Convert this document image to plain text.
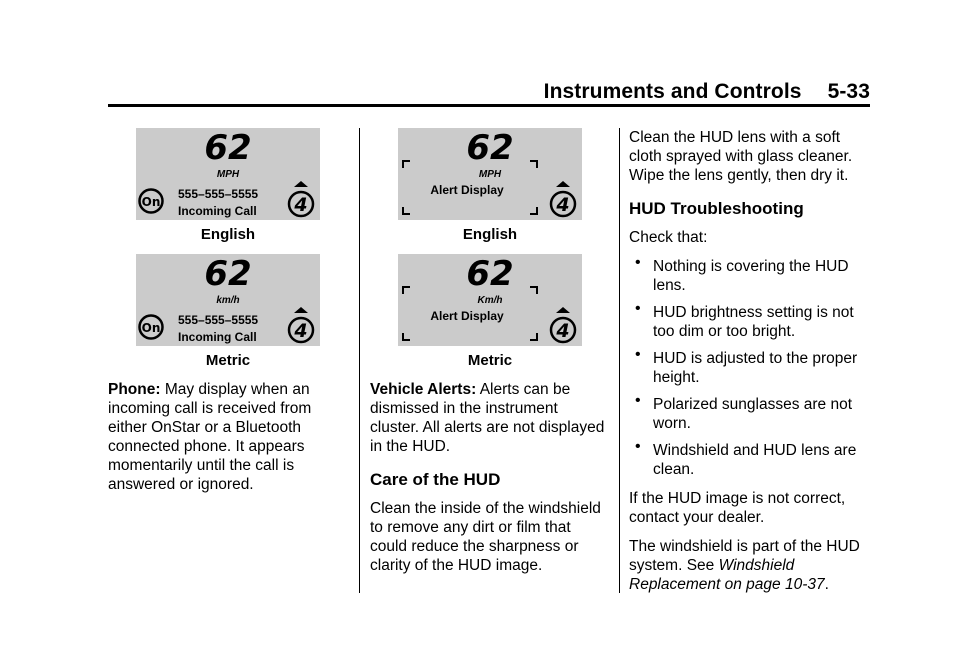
Instruments and Controls 5-33
62
MPH
On
555–555–5555
Incoming Call 4
English
62
km/h
On
555–555–5555
Incoming Call 4
Metric

Phone: May display when an incoming call is received from either OnStar or a Bluetooth connected phone. It appears momentarily until the call is answered or ignored.

62
MPH
Alert Display
4
English
62
Km/h
Alert Display
4
Metric

Vehicle Alerts: Alerts can be dismissed in the instrument cluster. All alerts are not displayed in the HUD.

Care of the HUD

Clean the inside of the windshield to remove any dirt or film that could reduce the sharpness or clarity of the HUD image.

Clean the HUD lens with a soft cloth sprayed with glass cleaner. Wipe the lens gently, then dry it.

HUD Troubleshooting

Check that:

• Nothing is covering the HUD lens.
• HUD brightness setting is not too dim or too bright.
• HUD is adjusted to the proper height.
• Polarized sunglasses are not worn.
• Windshield and HUD lens are clean.

If the HUD image is not correct, contact your dealer.

The windshield is part of the HUD system. See Windshield Replacement on page 10-37.
